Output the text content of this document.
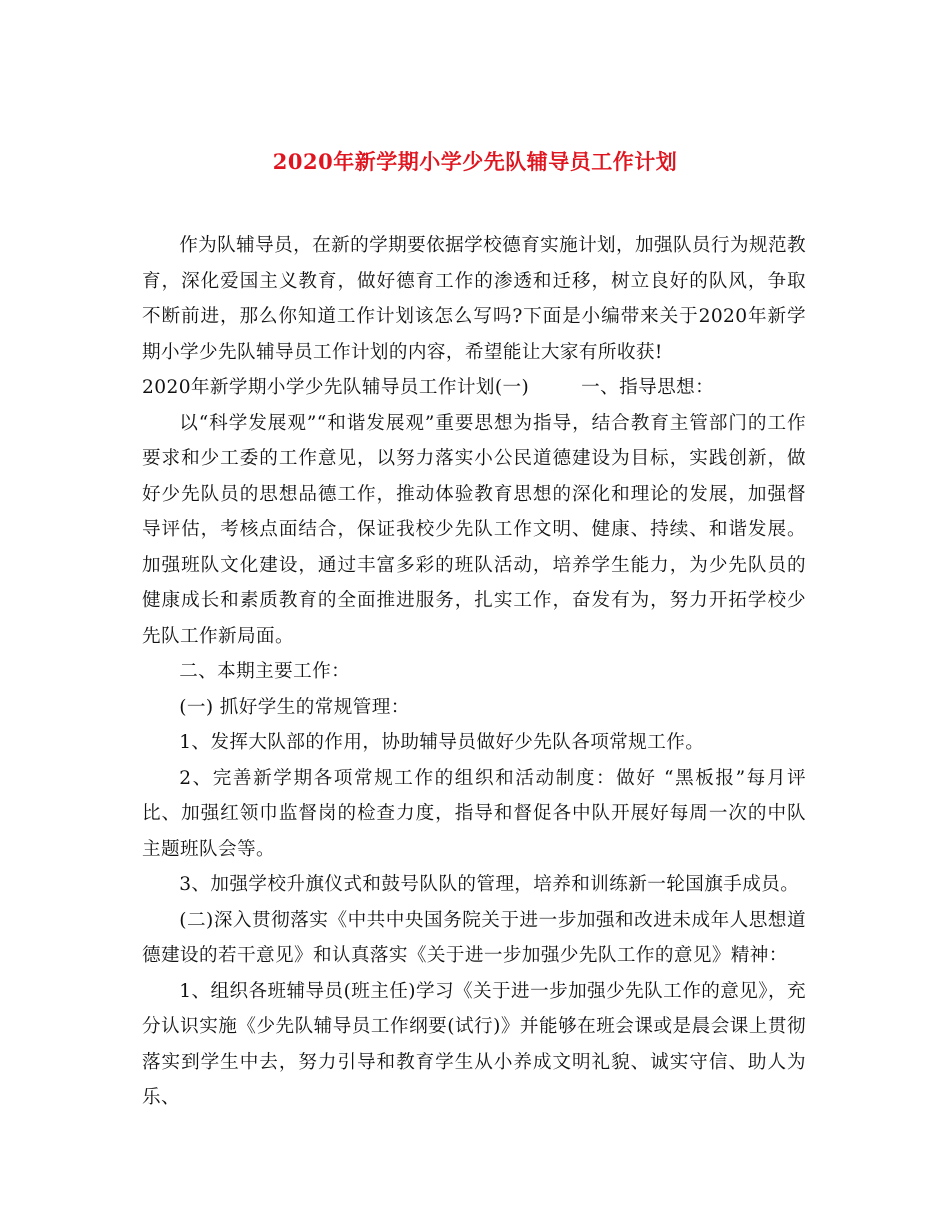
2020年新学期小学少先队辅导员工作计划

作为队辅导员，在新的学期要依据学校德育实施计划，加强队员行为规范教育，深化爱国主义教育，做好德育工作的渗透和迁移，树立良好的队风，争取不断前进，那么你知道工作计划该怎么写吗?下面是小编带来关于2020年新学期小学少先队辅导员工作计划的内容，希望能让大家有所收获!

2020年新学期小学少先队辅导员工作计划(一)	一、指导思想：

以“科学发展观”“和谐发展观”重要思想为指导，结合教育主管部门的工作要求和少工委的工作意见，以努力落实小公民道德建设为目标，实践创新，做好少先队员的思想品德工作，推动体验教育思想的深化和理论的发展，加强督导评估，考核点面结合，保证我校少先队工作文明、健康、持续、和谐发展。加强班队文化建设，通过丰富多彩的班队活动，培养学生能力，为少先队员的健康成长和素质教育的全面推进服务，扎实工作，奋发有为，努力开拓学校少先队工作新局面。

二、本期主要工作：

(一) 抓好学生的常规管理：

1、发挥大队部的作用，协助辅导员做好少先队各项常规工作。

2、完善新学期各项常规工作的组织和活动制度：做好 “黑板报”每月评比、加强红领巾监督岗的检查力度，指导和督促各中队开展好每周一次的中队主题班队会等。

3、加强学校升旗仪式和鼓号队队的管理，培养和训练新一轮国旗手成员。

(二)深入贯彻落实《中共中央国务院关于进一步加强和改进未成年人思想道德建设的若干意见》和认真落实《关于进一步加强少先队工作的意见》精神：

1、组织各班辅导员(班主任)学习《关于进一步加强少先队工作的意见》，充分认识实施《少先队辅导员工作纲要(试行)》并能够在班会课或是晨会课上贯彻落实到学生中去，努力引导和教育学生从小养成文明礼貌、诚实守信、助人为乐、
